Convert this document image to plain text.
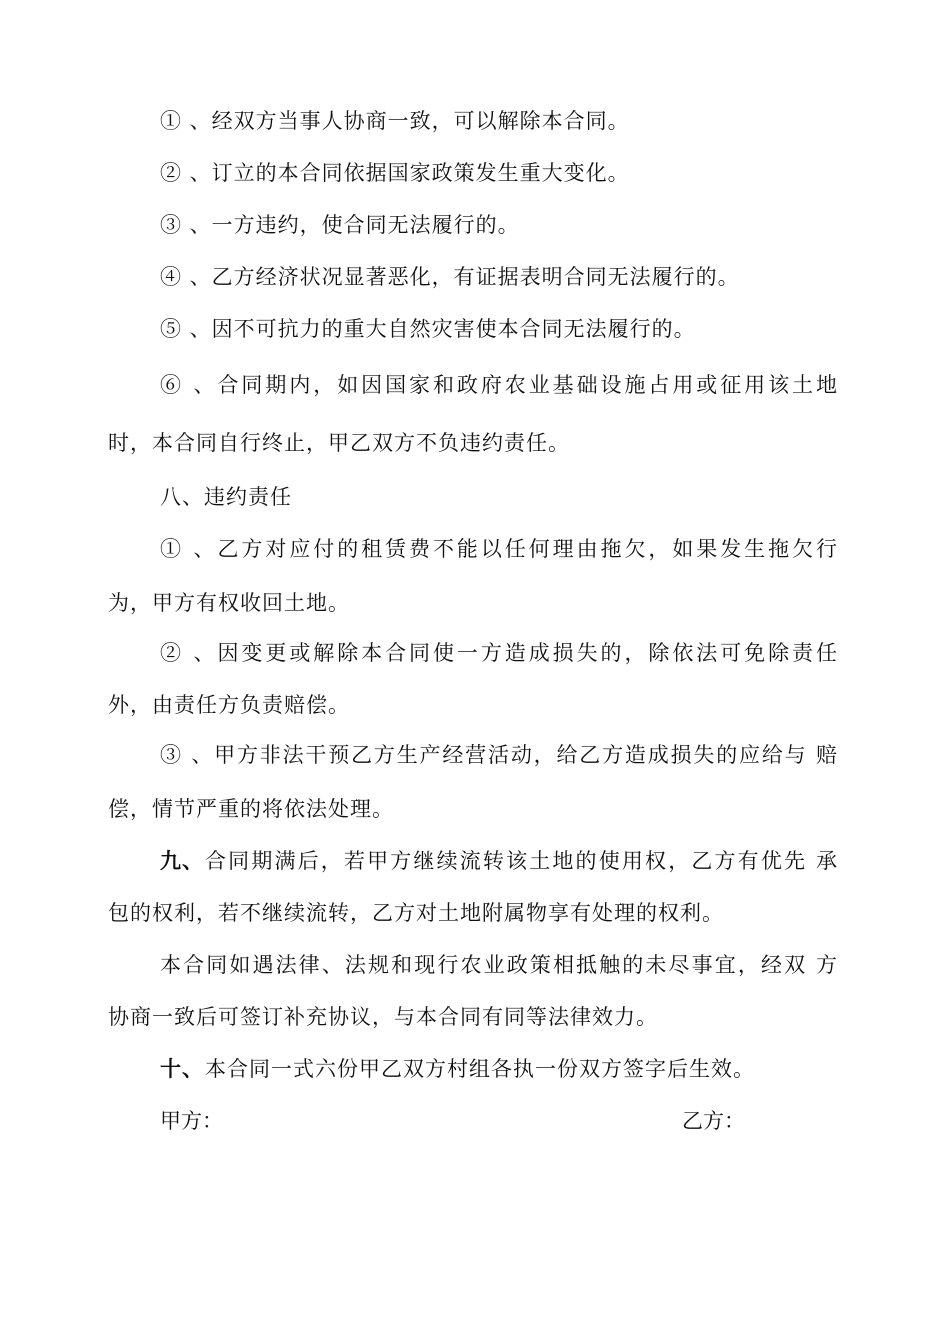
① 、经双方当事人协商一致，可以解除本合同。
② 、订立的本合同依据国家政策发生重大变化。
③ 、一方违约，使合同无法履行的。
④ 、乙方经济状况显著恶化，有证据表明合同无法履行的。
⑤ 、因不可抗力的重大自然灾害使本合同无法履行的。
⑥ 、合同期内，如因国家和政府农业基础设施占用或征用该土地
时，本合同自行终止，甲乙双方不负违约责任。
八、违约责任
① 、乙方对应付的租赁费不能以任何理由拖欠，如果发生拖欠行
为，甲方有权收回土地。
② 、因变更或解除本合同使一方造成损失的，除依法可免除责任
外，由责任方负责赔偿。
③ 、甲方非法干预乙方生产经营活动，给乙方造成损失的应给与 赔
偿，情节严重的将依法处理。
九、 合同期满后，若甲方继续流转该土地的使用权，乙方有优先 承
包的权利，若不继续流转，乙方对土地附属物享有处理的权利。
本合同如遇法律、法规和现行农业政策相抵触的未尽事宜，经双 方
协商一致后可签订补充协议，与本合同有同等法律效力。
十、 本合同一式六份甲乙双方村组各执一份双方签字后生效。
甲方：	乙方：
